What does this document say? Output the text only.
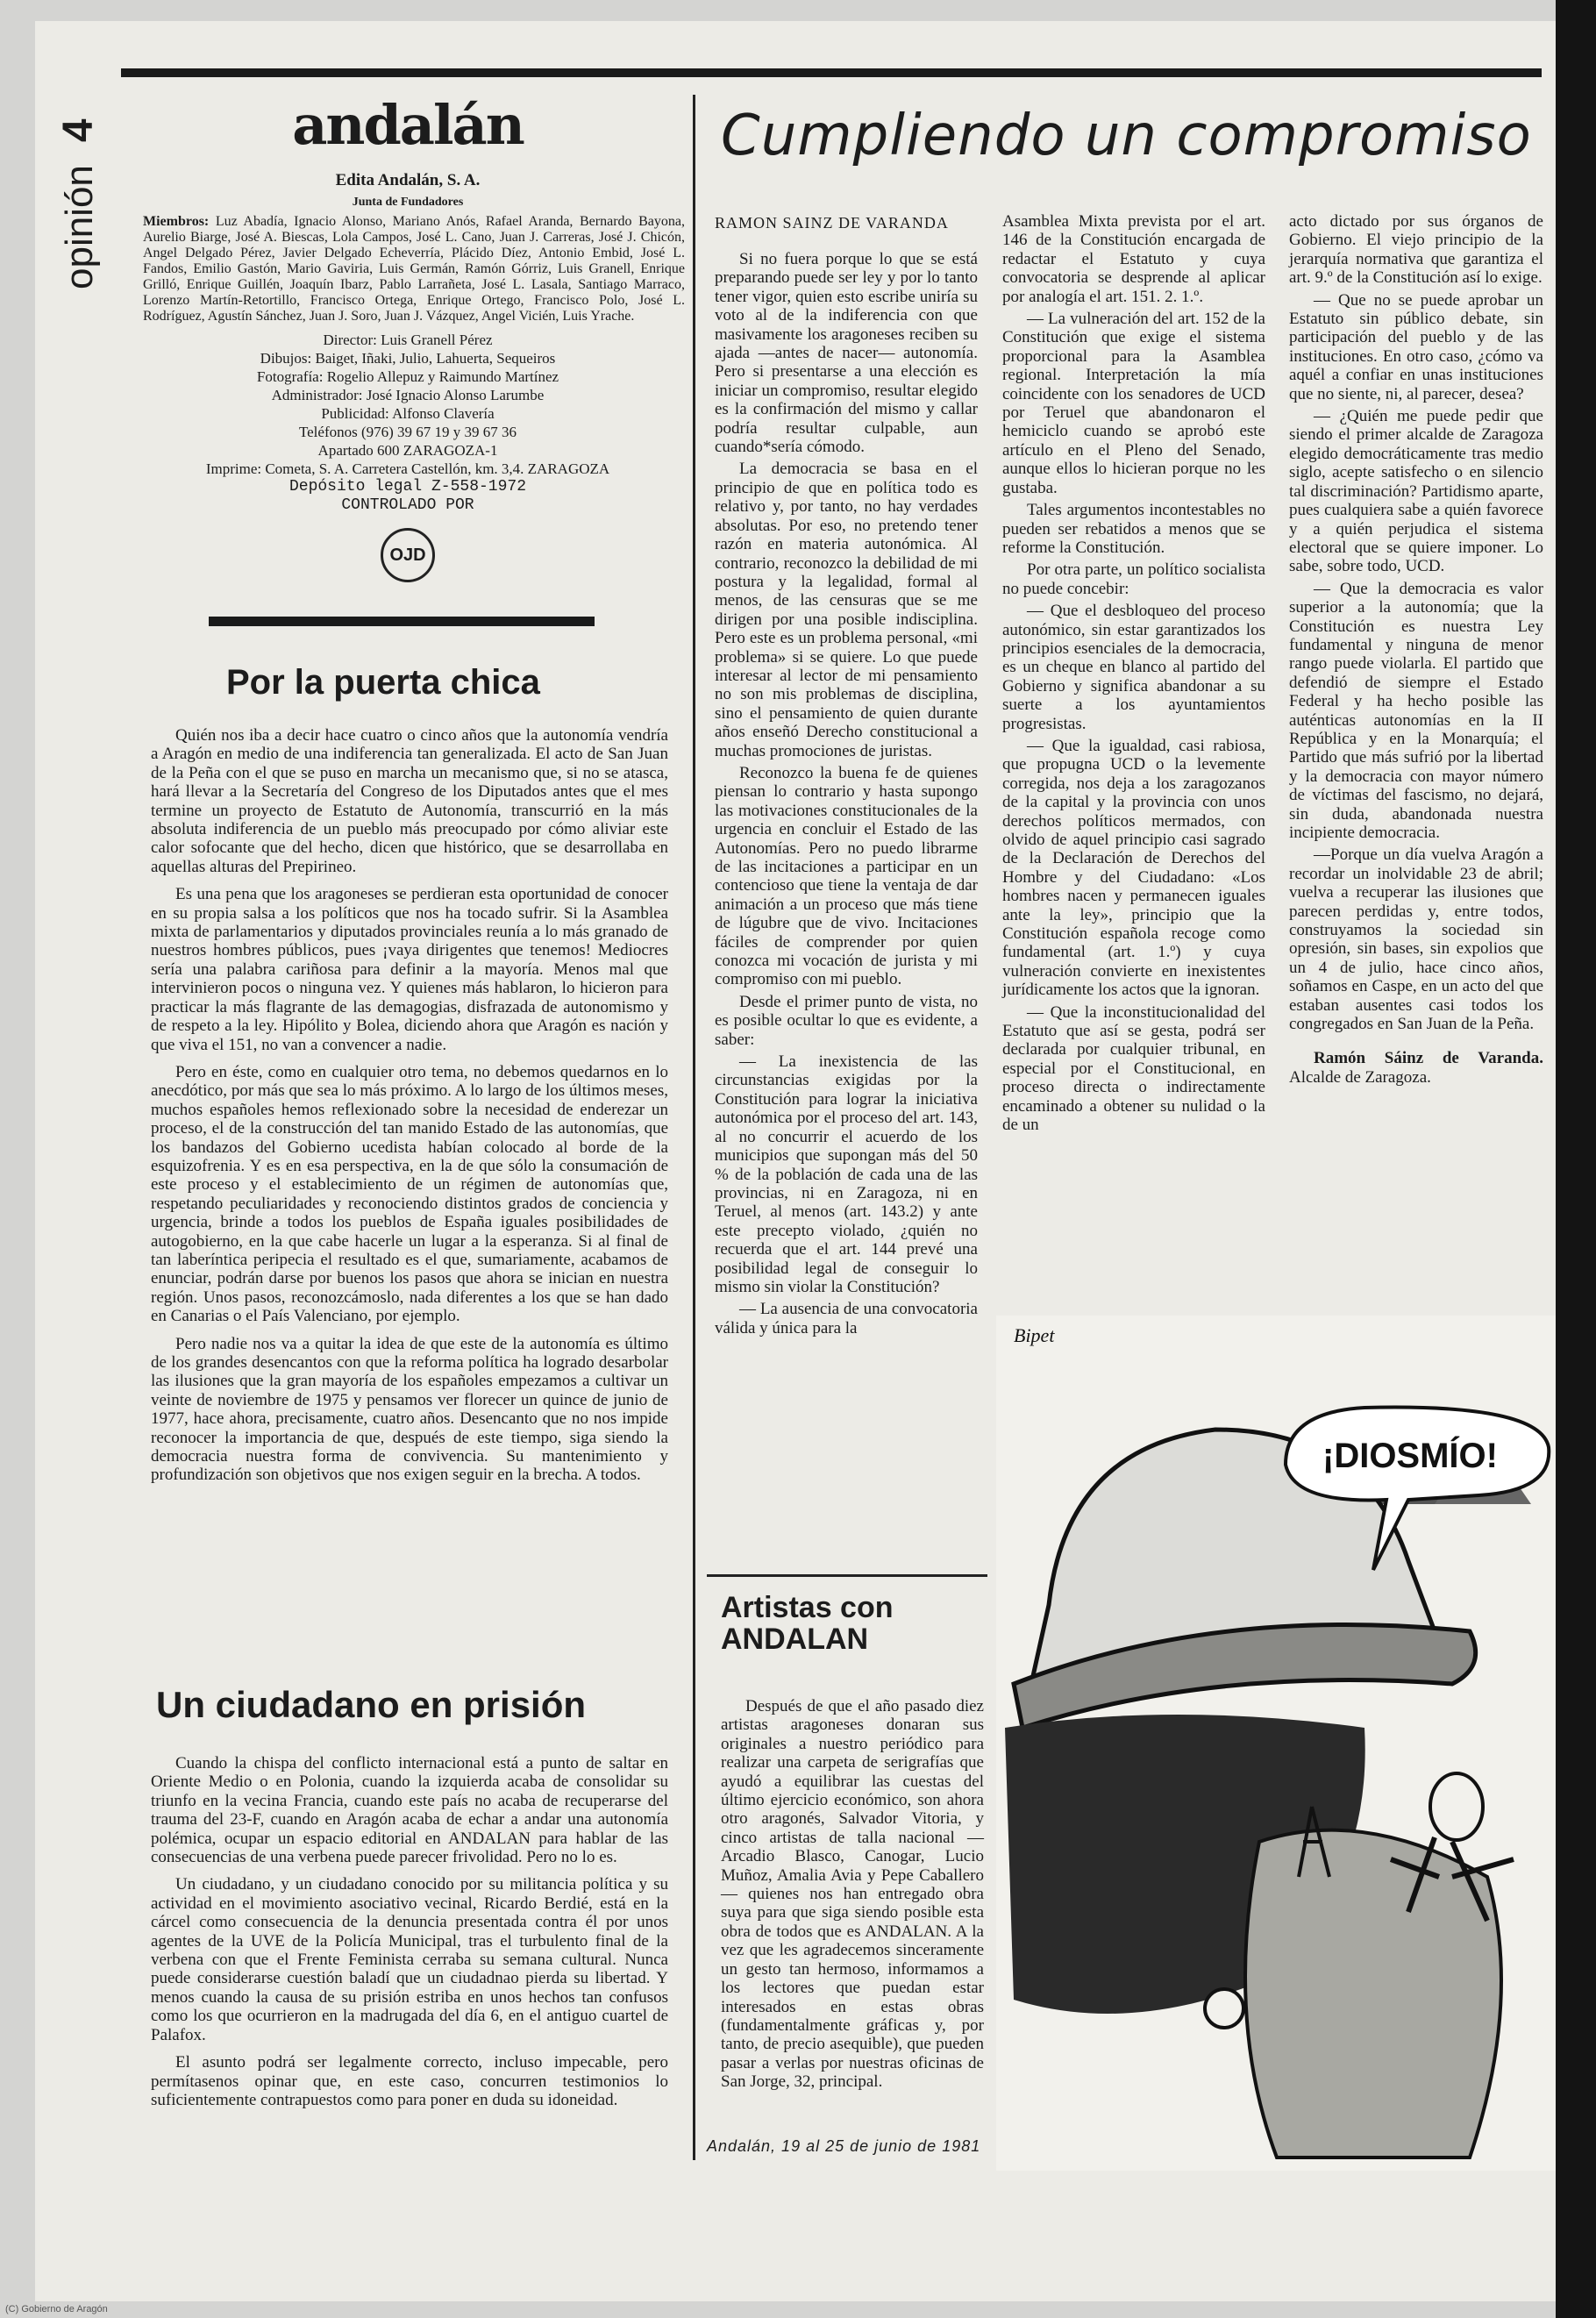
opinión4	andalán
Edita Andalán, S. A.
Junta de Fundadores
Miembros: Luz Abadía, Ignacio Alonso, Mariano Anós, Rafael Aranda, Bernardo Bayona, Aurelio Biarge, José A. Biescas, Lola Campos, José L. Cano, Juan J. Carreras, José J. Chicón, Angel Delgado Pérez, Javier Delgado Echeverría, Plácido Díez, Antonio Embid, José L. Fandos, Emilio Gastón, Mario Gaviria, Luis Germán, Ramón Górriz, Luis Granell, Enrique Grilló, Enrique Guillén, Joaquín Ibarz, Pablo Larrañeta, José L. Lasala, Santiago Marraco, Lorenzo Martín-Retortillo, Francisco Ortega, Enrique Ortego, Francisco Polo, José L. Rodríguez, Agustín Sánchez, Juan J. Soro, Juan J. Vázquez, Angel Vicién, Luis Yrache.
Director: Luis Granell Pérez
Dibujos: Baiget, Iñaki, Julio, Lahuerta, Sequeiros
Fotografía: Rogelio Allepuz y Raimundo Martínez
Administrador: José Ignacio Alonso Larumbe
Publicidad: Alfonso Clavería
Teléfonos (976) 39 67 19 y 39 67 36
Apartado 600 ZARAGOZA-1
Imprime: Cometa, S. A. Carretera Castellón, km. 3,4. ZARAGOZA
Depósito legal Z-558-1972
CONTROLADO POR
OJD
Por la puerta chica

Quién nos iba a decir hace cuatro o cinco años que la autonomía vendría a Aragón en medio de una indiferencia tan generalizada. El acto de San Juan de la Peña con el que se puso en marcha un mecanismo que, si no se atasca, hará llevar a la Secretaría del Congreso de los Diputados antes que el mes termine un proyecto de Estatuto de Autonomía, transcurrió en la más absoluta indiferencia de un pueblo más preocupado por cómo aliviar este calor sofocante que del hecho, dicen que histórico, que se desarrollaba en aquellas alturas del Prepirineo.

Es una pena que los aragoneses se perdieran esta oportunidad de conocer en su propia salsa a los políticos que nos ha tocado sufrir. Si la Asamblea mixta de parlamentarios y diputados provinciales reunía a lo más granado de nuestros hombres públicos, pues ¡vaya dirigentes que tenemos! Mediocres sería una palabra cariñosa para definir a la mayoría. Menos mal que intervinieron pocos o ninguna vez. Y quienes más hablaron, lo hicieron para practicar la más flagrante de las demagogias, disfrazada de autonomismo y de respeto a la ley. Hipólito y Bolea, diciendo ahora que Aragón es nación y que viva el 151, no van a convencer a nadie.

Pero en éste, como en cualquier otro tema, no debemos quedarnos en lo anecdótico, por más que sea lo más próximo. A lo largo de los últimos meses, muchos españoles hemos reflexionado sobre la necesidad de enderezar un proceso, el de la construcción del tan manido Estado de las autonomías, que los bandazos del Gobierno ucedista habían colocado al borde de la esquizofrenia. Y es en esa perspectiva, en la de que sólo la consumación de este proceso y el establecimiento de un régimen de autonomías que, respetando peculiaridades y reconociendo distintos grados de conciencia y urgencia, brinde a todos los pueblos de España iguales posibilidades de autogobierno, en la que cabe hacerle un lugar a la esperanza. Si al final de tan laberíntica peripecia el resultado es el que, sumariamente, acabamos de enunciar, podrán darse por buenos los pasos que ahora se inician en nuestra región. Unos pasos, reconozcámoslo, nada diferentes a los que se han dado en Canarias o el País Valenciano, por ejemplo.

Pero nadie nos va a quitar la idea de que este de la autonomía es último de los grandes desencantos con que la reforma política ha logrado desarbolar las ilusiones que la gran mayoría de los españoles empezamos a cultivar un veinte de noviembre de 1975 y pensamos ver florecer un quince de junio de 1977, hace ahora, precisamente, cuatro años. Desencanto que no nos impide reconocer la importancia de que, después de este tiempo, siga siendo la democracia nuestra forma de convivencia. Su mantenimiento y profundización son objetivos que nos exigen seguir en la brecha. A todos.

Un ciudadano en prisión

Cuando la chispa del conflicto internacional está a punto de saltar en Oriente Medio o en Polonia, cuando la izquierda acaba de consolidar su triunfo en la vecina Francia, cuando este país no acaba de recuperarse del trauma del 23-F, cuando en Aragón acaba de echar a andar una autonomía polémica, ocupar un espacio editorial en ANDALAN para hablar de las consecuencias de una verbena puede parecer frivolidad. Pero no lo es.

Un ciudadano, y un ciudadano conocido por su militancia política y su actividad en el movimiento asociativo vecinal, Ricardo Berdié, está en la cárcel como consecuencia de la denuncia presentada contra él por unos agentes de la UVE de la Policía Municipal, tras el turbulento final de la verbena con que el Frente Feminista cerraba su semana cultural. Nunca puede considerarse cuestión baladí que un ciudadnao pierda su libertad. Y menos cuando la causa de su prisión estriba en unos hechos tan confusos como los que ocurrieron en la madrugada del día 6, en el antiguo cuartel de Palafox.

El asunto podrá ser legalmente correcto, incluso impecable, pero permítasenos opinar que, en este caso, concurren testimonios lo suficientemente contrapuestos como para poner en duda su idoneidad.

Cumpliendo un compromiso
RAMON SAINZ DE VARANDA

Si no fuera porque lo que se está preparando puede ser ley y por lo tanto tener vigor, quien esto escribe uniría su voto al de la indiferencia con que masivamente los aragoneses reciben su ajada —antes de nacer— autonomía. Pero si presentarse a una elección es iniciar un compromiso, resultar elegido es la confirmación del mismo y callar podría resultar culpable, aun cuando*sería cómodo.

La democracia se basa en el principio de que en política todo es relativo y, por tanto, no hay verdades absolutas. Por eso, no pretendo tener razón en materia autonómica. Al contrario, reconozco la debilidad de mi postura y la legalidad, formal al menos, de las censuras que se me dirigen por una posible indisciplina. Pero este es un problema personal, «mi problema» si se quiere. Lo que puede interesar al lector de mi pensamiento no son mis problemas de disciplina, sino el pensamiento de quien durante años enseñó Derecho constitucional a muchas promociones de juristas.

Reconozco la buena fe de quienes piensan lo contrario y hasta supongo las motivaciones constitucionales de la urgencia en concluir el Estado de las Autonomías. Pero no puedo librarme de las incitaciones a participar en un contencioso que tiene la ventaja de dar animación a un proceso que más tiene de lúgubre que de vivo. Incitaciones fáciles de comprender por quien conozca mi vocación de jurista y mi compromiso con mi pueblo.

Desde el primer punto de vista, no es posible ocultar lo que es evidente, a saber:

— La inexistencia de las circunstancias exigidas por la Constitución para lograr la iniciativa autonómica por el proceso del art. 143, al no concurrir el acuerdo de los municipios que supongan más del 50 % de la población de cada una de las provincias, ni en Zaragoza, ni en Teruel, al menos (art. 143.2) y ante este precepto violado, ¿quién no recuerda que el art. 144 prevé una posibilidad legal de conseguir lo mismo sin violar la Constitución?

— La ausencia de una convocatoria válida y única para la

Asamblea Mixta prevista por el art. 146 de la Constitución encargada de redactar el Estatuto y cuya convocatoria se desprende al aplicar por analogía el art. 151. 2. 1.º.

— La vulneración del art. 152 de la Constitución que exige el sistema proporcional para la Asamblea regional. Interpretación la mía coincidente con los senadores de UCD por Teruel que abandonaron el hemiciclo cuando se aprobó este artículo en el Pleno del Senado, aunque ellos lo hicieran porque no les gustaba.

Tales argumentos incontestables no pueden ser rebatidos a menos que se reforme la Constitución.

Por otra parte, un político socialista no puede concebir:

— Que el desbloqueo del proceso autonómico, sin estar garantizados los principios esenciales de la democracia, es un cheque en blanco al partido del Gobierno y significa abandonar a su suerte a los ayuntamientos progresistas.

— Que la igualdad, casi rabiosa, que propugna UCD o la levemente corregida, nos deja a los zaragozanos de la capital y la provincia con unos derechos políticos mermados, con olvido de aquel principio casi sagrado de la Declaración de Derechos del Hombre y del Ciudadano: «Los hombres nacen y permanecen iguales ante la ley», principio que la Constitución española recoge como fundamental (art. 1.º) y cuya vulneración convierte en inexistentes jurídicamente los actos que la ignoran.

— Que la inconstitucionalidad del Estatuto que así se gesta, podrá ser declarada por cualquier tribunal, en especial por el Constitucional, en proceso directa o indirectamente encaminado a obtener su nulidad o la de un

acto dictado por sus órganos de Gobierno. El viejo principio de la jerarquía normativa que garantiza el art. 9.º de la Constitución así lo exige.

— Que no se puede aprobar un Estatuto sin público debate, sin participación del pueblo y de las instituciones. En otro caso, ¿cómo va aquél a confiar en unas instituciones que no siente, ni, al parecer, desea?

— ¿Quién me puede pedir que siendo el primer alcalde de Zaragoza elegido democráticamente tras medio siglo, acepte satisfecho o en silencio tal discriminación? Partidismo aparte, pues cualquiera sabe a quién favorece y a quién perjudica el sistema electoral que se quiere imponer. Lo sabe, sobre todo, UCD.

— Que la democracia es valor superior a la autonomía; que la Constitución es nuestra Ley fundamental y ninguna de menor rango puede violarla. El partido que defendió de siempre el Estado Federal y ha hecho posible las auténticas autonomías en la II República y en la Monarquía; el Partido que más sufrió por la libertad y la democracia con mayor número de víctimas del fascismo, no dejará, sin duda, abandonada nuestra incipiente democracia.

—Porque un día vuelva Aragón a recordar un inolvidable 23 de abril; vuelva a recuperar las ilusiones que parecen perdidas y, entre todos, construyamos la sociedad sin opresión, sin bases, sin expolios que un 4 de julio, hace cinco años, soñamos en Caspe, en un acto del que estaban ausentes casi todos los congregados en San Juan de la Peña.

Ramón Sáinz de Varanda. Alcalde de Zaragoza.

Artistas con
ANDALAN

Después de que el año pasado diez artistas aragoneses donaran sus originales a nuestro periódico para realizar una carpeta de serigrafías que ayudó a equilibrar las cuestas del último ejercicio económico, son ahora otro aragonés, Salvador Vitoria, y cinco artistas de talla nacional —Arcadio Blasco, Canogar, Lucio Muñoz, Amalia Avia y Pepe Caballero— quienes nos han entregado obra suya para que siga siendo posible esta obra de todos que es ANDALAN. A la vez que les agradecemos sinceramente un gesto tan hermoso, informamos a los lectores que puedan estar interesados en estas obras (fundamentalmente gráficas y, por tanto, de precio asequible), que pueden pasar a verlas por nuestras oficinas de San Jorge, 32, principal.

¡DIOSMÍO!
Bipet
Andalán, 19 al 25 de junio de 1981
(C) Gobierno de Aragón
